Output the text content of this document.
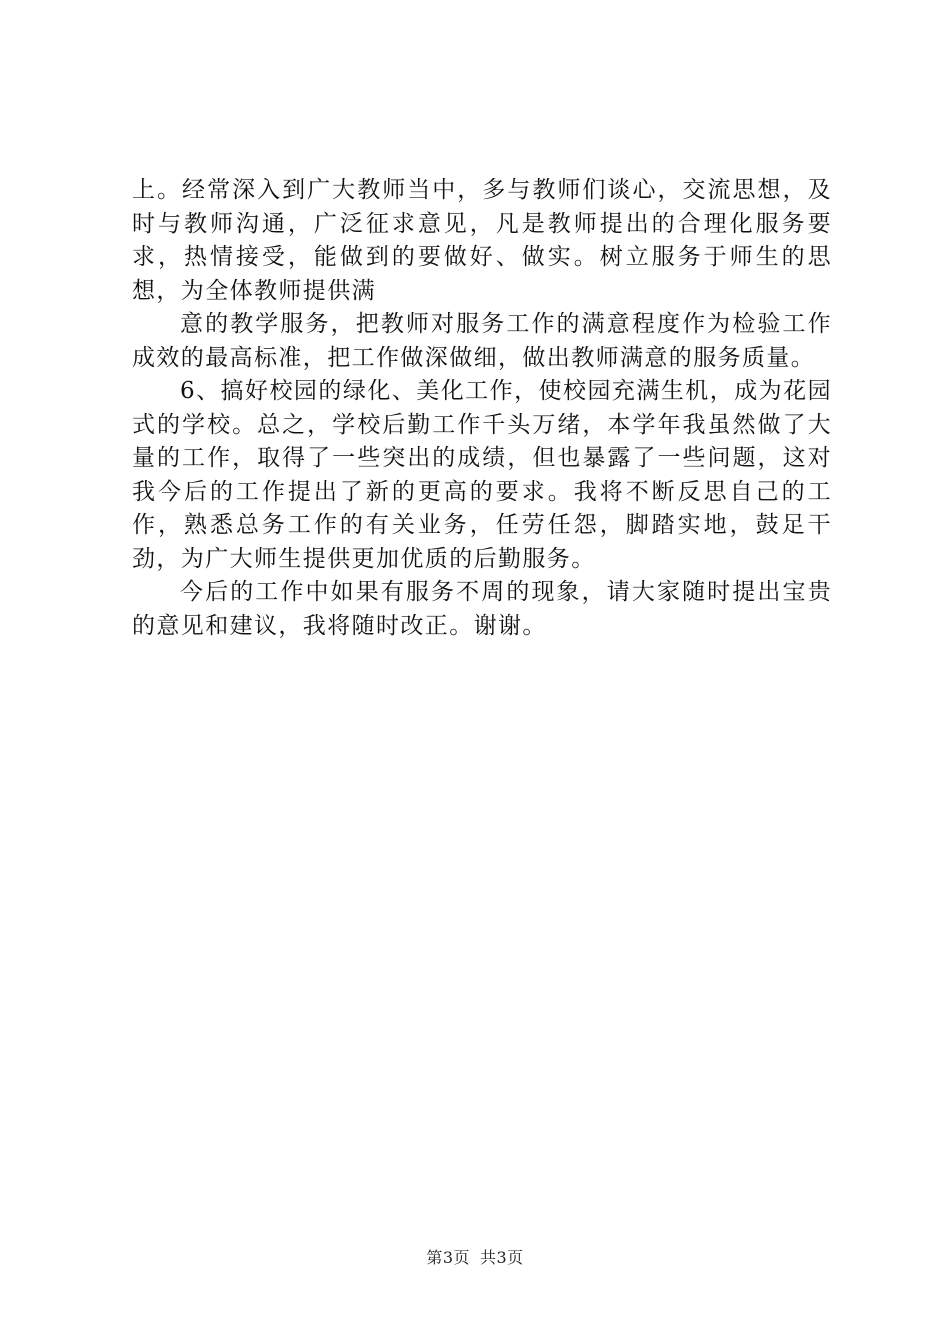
上。经常深入到广大教师当中，多与教师们谈心，交流思想，及时与教师沟通，广泛征求意见，凡是教师提出的合理化服务要求，热情接受，能做到的要做好、做实。树立服务于师生的思想，为全体教师提供满

意的教学服务，把教师对服务工作的满意程度作为检验工作成效的最高标准，把工作做深做细，做出教师满意的服务质量。

6、搞好校园的绿化、美化工作，使校园充满生机，成为花园式的学校。总之，学校后勤工作千头万绪，本学年我虽然做了大量的工作，取得了一些突出的成绩，但也暴露了一些问题，这对我今后的工作提出了新的更高的要求。我将不断反思自己的工作，熟悉总务工作的有关业务，任劳任怨，脚踏实地，鼓足干劲，为广大师生提供更加优质的后勤服务。

今后的工作中如果有服务不周的现象，请大家随时提出宝贵的意见和建议，我将随时改正。谢谢。

第3页 共3页
